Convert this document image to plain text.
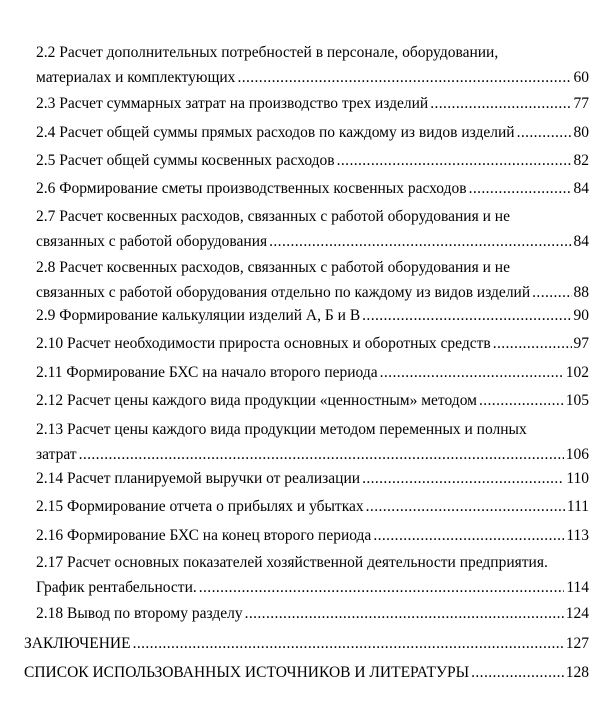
2.2 Расчет дополнительных потребностей в персонале, оборудовании,
материалах и комплектующих .....	60
2.3 Расчет суммарных затрат на производство трех изделий .....	77
2.4 Расчет общей суммы прямых расходов по каждому из видов изделий .....	80
2.5 Расчет общей суммы косвенных расходов .....	82
2.6 Формирование сметы производственных косвенных расходов .....	84
2.7 Расчет косвенных расходов, связанных с работой оборудования и не
связанных с работой оборудования .....	84
2.8 Расчет косвенных расходов, связанных с работой оборудования и не
связанных с работой оборудования отдельно по каждому из видов изделий .....	88
2.9 Формирование калькуляции изделий А, Б и В .....	90
2.10 Расчет необходимости прироста основных и оборотных средств .....	97
2.11 Формирование БХС на начало второго периода .....	102
2.12 Расчет цены каждого вида продукции «ценностным» методом .....	105
2.13 Расчет цены каждого вида продукции методом переменных и полных
затрат .....	106
2.14 Расчет планируемой выручки от реализации .....	110
2.15 Формирование отчета о прибылях и убытках .....	111
2.16 Формирование БХС на конец второго периода .....	113
2.17 Расчет основных показателей хозяйственной деятельности предприятия.
График рентабельности. .....	114
2.18 Вывод по второму разделу .....	124
ЗАКЛЮЧЕНИЕ .....	127
СПИСОК ИСПОЛЬЗОВАННЫХ ИСТОЧНИКОВ И ЛИТЕРАТУРЫ .....	128
